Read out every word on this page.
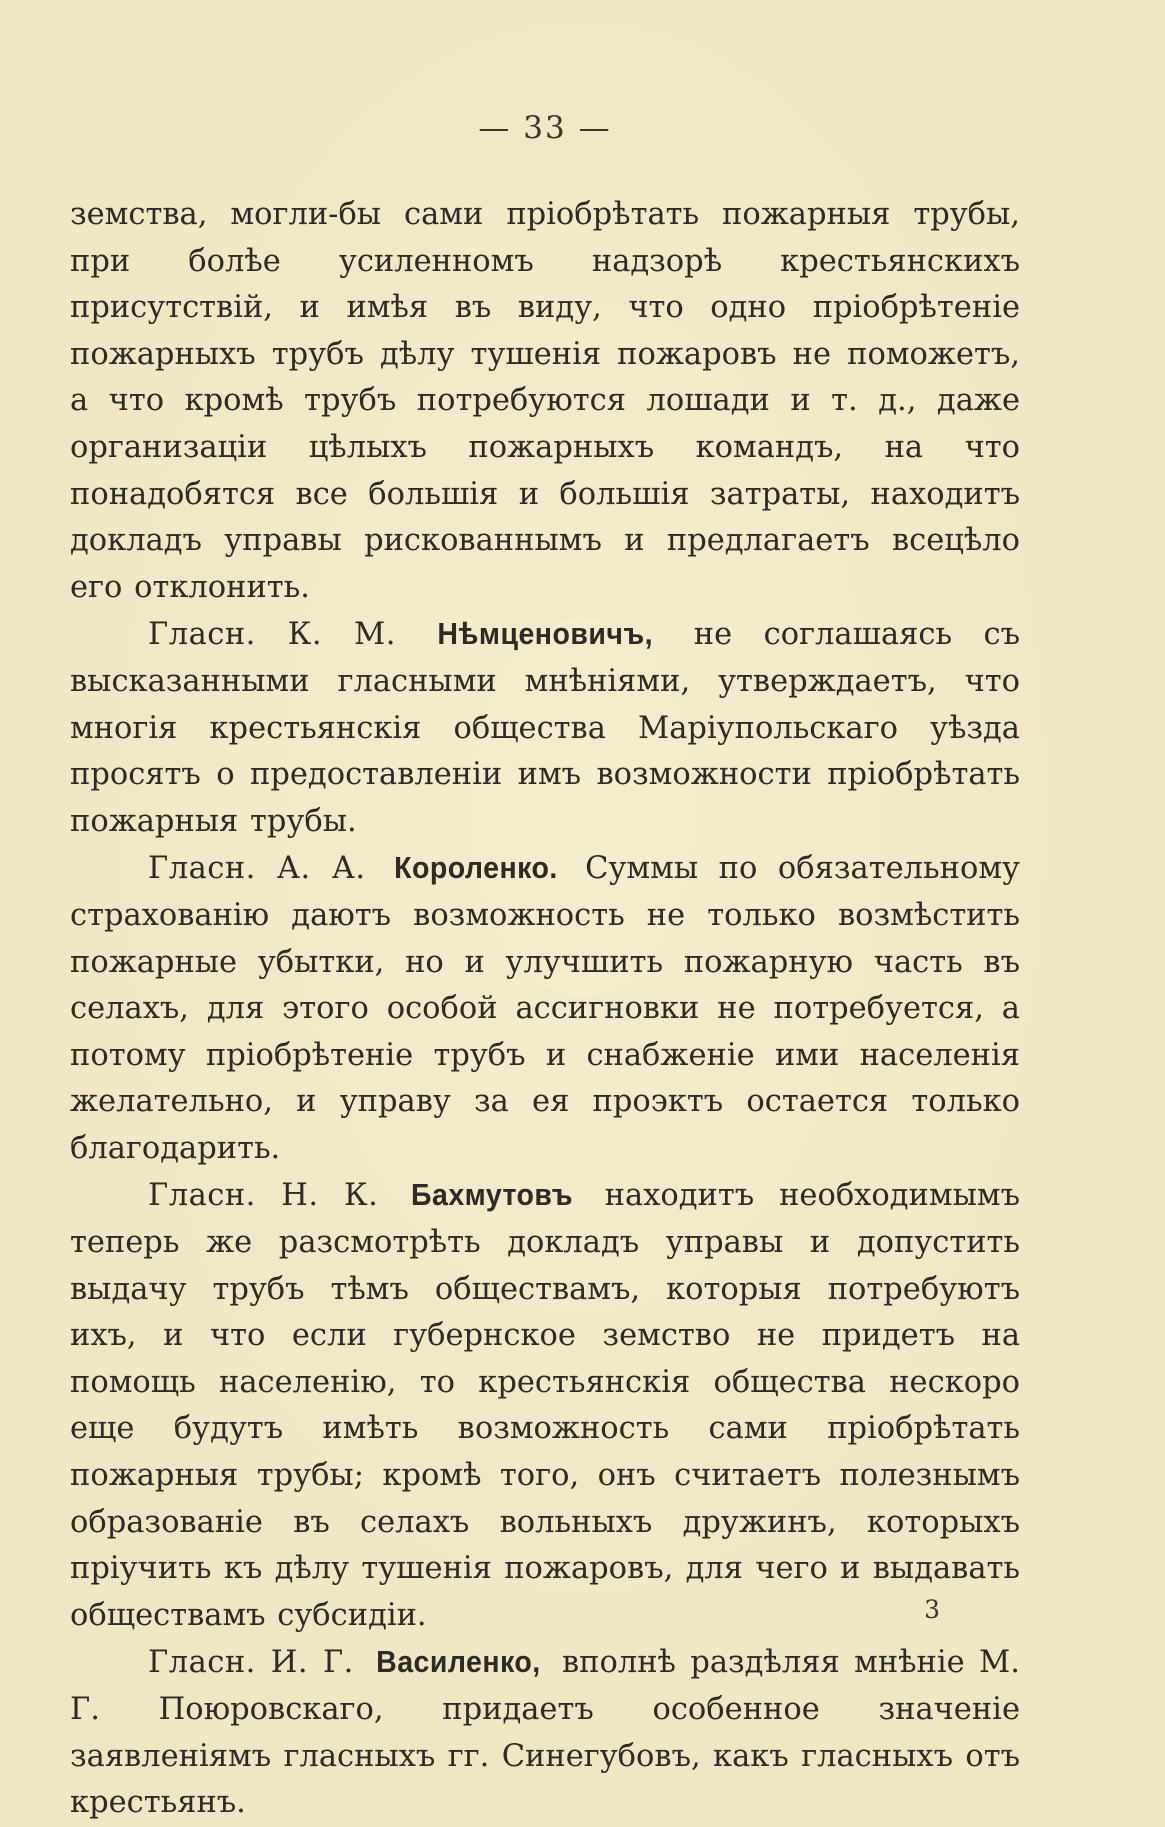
— 33 —

земства, могли-бы сами пріобрѣтать пожарныя трубы, при болѣе усиленномъ надзорѣ крестьянскихъ присутствій, и имѣя въ виду, что одно пріобрѣтеніе пожарныхъ трубъ дѣлу тушенія пожаровъ не поможетъ, а что кромѣ трубъ потребуются лошади и т. д., даже организаціи цѣлыхъ пожарныхъ командъ, на что понадобятся все большія и большія затраты, находитъ докладъ управы рискованнымъ и предлагаетъ всецѣло его отклонить.

Гласн. К. М. Нѣмценовичъ, не соглашаясь съ высказанными гласными мнѣніями, утверждаетъ, что многія крестьянскія общества Маріупольскаго уѣзда просятъ о предоставленіи имъ возможности пріобрѣтать пожарныя трубы.

Гласн. А. А. Короленко. Суммы по обязательному страхованію даютъ возможность не только возмѣстить пожарные убытки, но и улучшить пожарную часть въ селахъ, для этого особой ассигновки не потребуется, а потому пріобрѣтеніе трубъ и снабженіе ими населенія желательно, и управу за ея проэктъ остается только благодарить.

Гласн. Н. К. Бахмутовъ находитъ необходимымъ теперь же разсмотрѣть докладъ управы и допустить выдачу трубъ тѣмъ обществамъ, которыя потребуютъ ихъ, и что если губернское земство не придетъ на помощь населенію, то крестьянскія общества нескоро еще будутъ имѣть возможность сами пріобрѣтать пожарныя трубы; кромѣ того, онъ считаетъ полезнымъ образованіе въ селахъ вольныхъ дружинъ, которыхъ пріучить къ дѣлу тушенія пожаровъ, для чего и выдавать обществамъ субсидіи.

Гласн. И. Г. Василенко, вполнѣ раздѣляя мнѣніе М. Г. Поюровскаго, придаетъ особенное значеніе заявленіямъ гласныхъ гг. Синегубовъ, какъ гласныхъ отъ крестьянъ.

3
